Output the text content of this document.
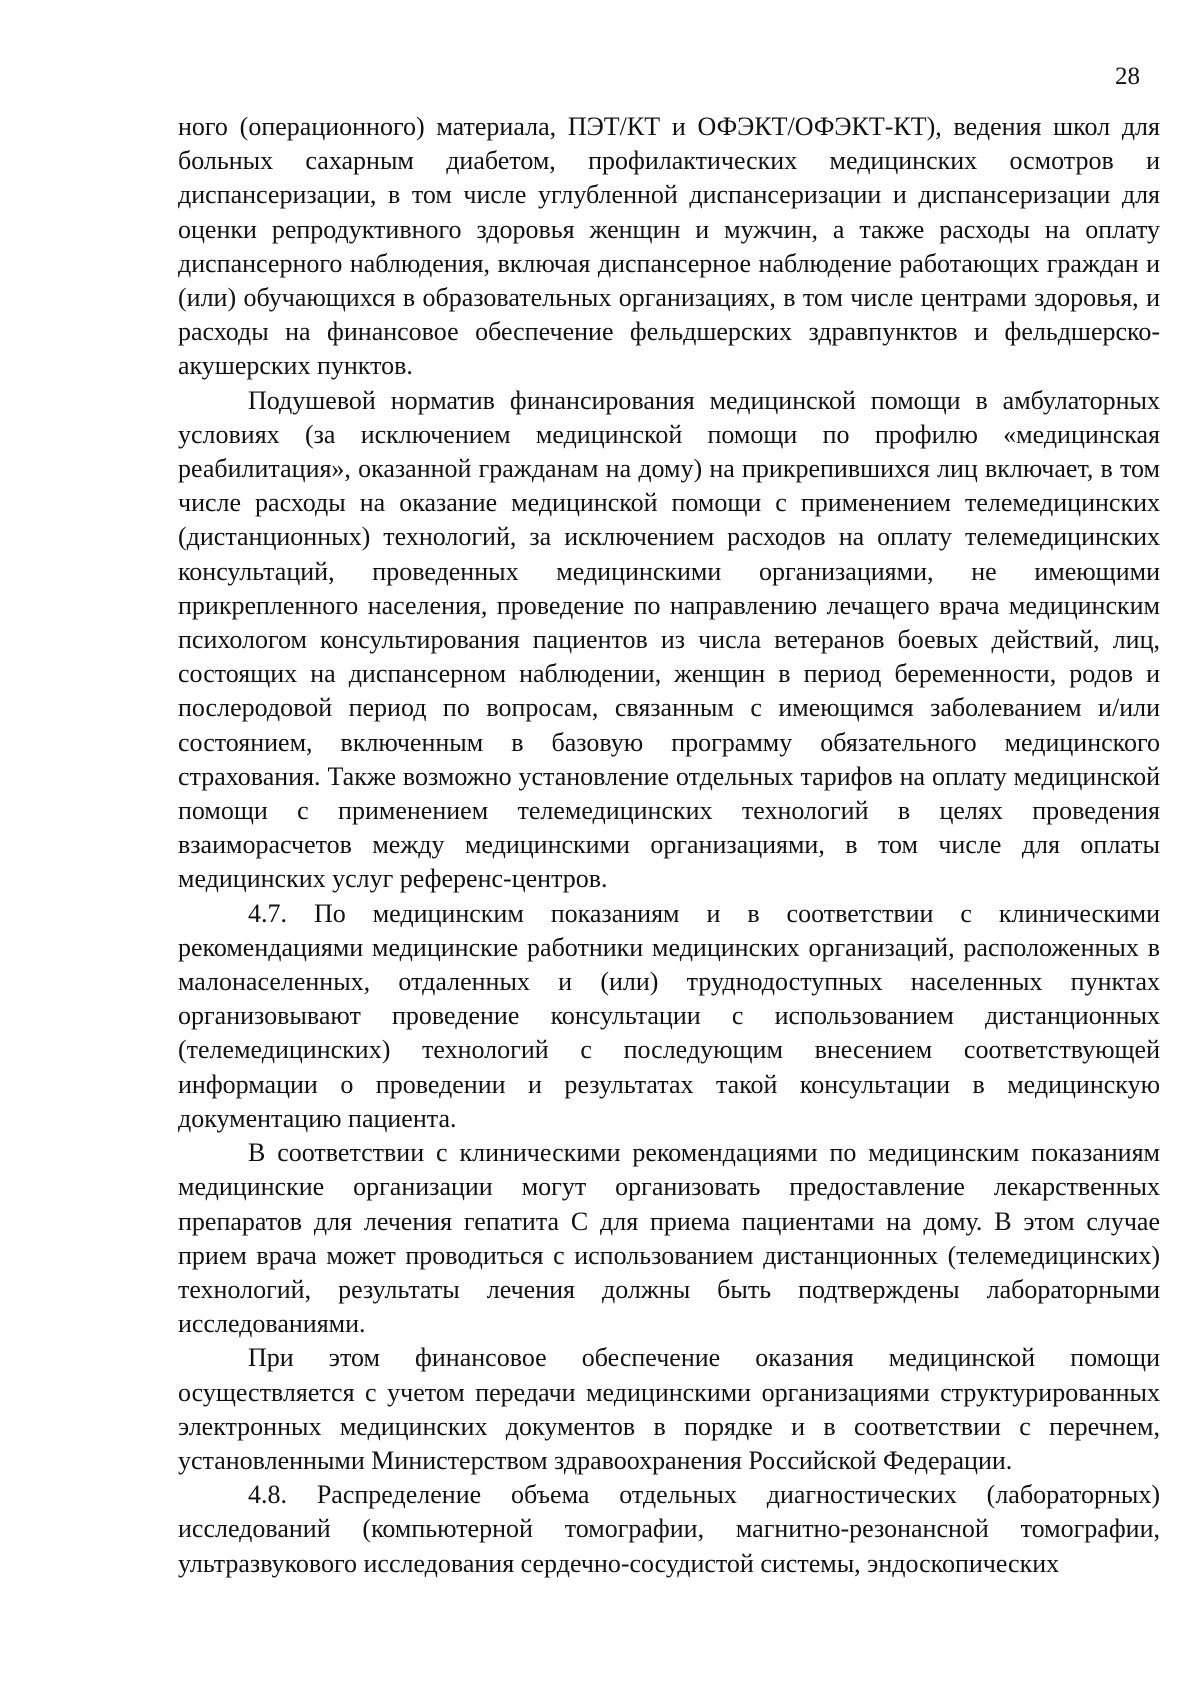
28

ного (операционного) материала, ПЭТ/КТ и ОФЭКТ/ОФЭКТ-КТ), ведения школ для больных сахарным диабетом, профилактических медицинских осмотров и диспансеризации, в том числе углубленной диспансеризации и диспансеризации для оценки репродуктивного здоровья женщин и мужчин, а также расходы на оплату диспансерного наблюдения, включая диспансерное наблюдение работающих граждан и (или) обучающихся в образовательных организациях, в том числе центрами здоровья, и расходы на финансовое обеспечение фельдшерских здравпунктов и фельдшерско-акушерских пунктов.

Подушевой норматив финансирования медицинской помощи в амбулаторных условиях (за исключением медицинской помощи по профилю «медицинская реабилитация», оказанной гражданам на дому) на прикрепившихся лиц включает, в том числе расходы на оказание медицинской помощи с применением телемедицинских (дистанционных) технологий, за исключением расходов на оплату телемедицинских консультаций, проведенных медицинскими организациями, не имеющими прикрепленного населения, проведение по направлению лечащего врача медицинским психологом консультирования пациентов из числа ветеранов боевых действий, лиц, состоящих на диспансерном наблюдении, женщин в период беременности, родов и послеродовой период по вопросам, связанным с имеющимся заболеванием и/или состоянием, включенным в базовую программу обязательного медицинского страхования. Также возможно установление отдельных тарифов на оплату медицинской помощи с применением телемедицинских технологий в целях проведения взаиморасчетов между медицинскими организациями, в том числе для оплаты медицинских услуг референс-центров.

4.7. По медицинским показаниям и в соответствии с клиническими рекомендациями медицинские работники медицинских организаций, расположенных в малонаселенных, отдаленных и (или) труднодоступных населенных пунктах организовывают проведение консультации с использованием дистанционных (телемедицинских) технологий с последующим внесением соответствующей информации о проведении и результатах такой консультации в медицинскую документацию пациента.

В соответствии с клиническими рекомендациями по медицинским показаниям медицинские организации могут организовать предоставление лекарственных препаратов для лечения гепатита С для приема пациентами на дому. В этом случае прием врача может проводиться с использованием дистанционных (телемедицинских) технологий, результаты лечения должны быть подтверждены лабораторными исследованиями.

При этом финансовое обеспечение оказания медицинской помощи осуществляется с учетом передачи медицинскими организациями структурированных электронных медицинских документов в порядке и в соответствии с перечнем, установленными Министерством здравоохранения Российской Федерации.

4.8. Распределение объема отдельных диагностических (лабораторных) исследований (компьютерной томографии, магнитно-резонансной томографии, ультразвукового исследования сердечно-сосудистой системы, эндоскопических
